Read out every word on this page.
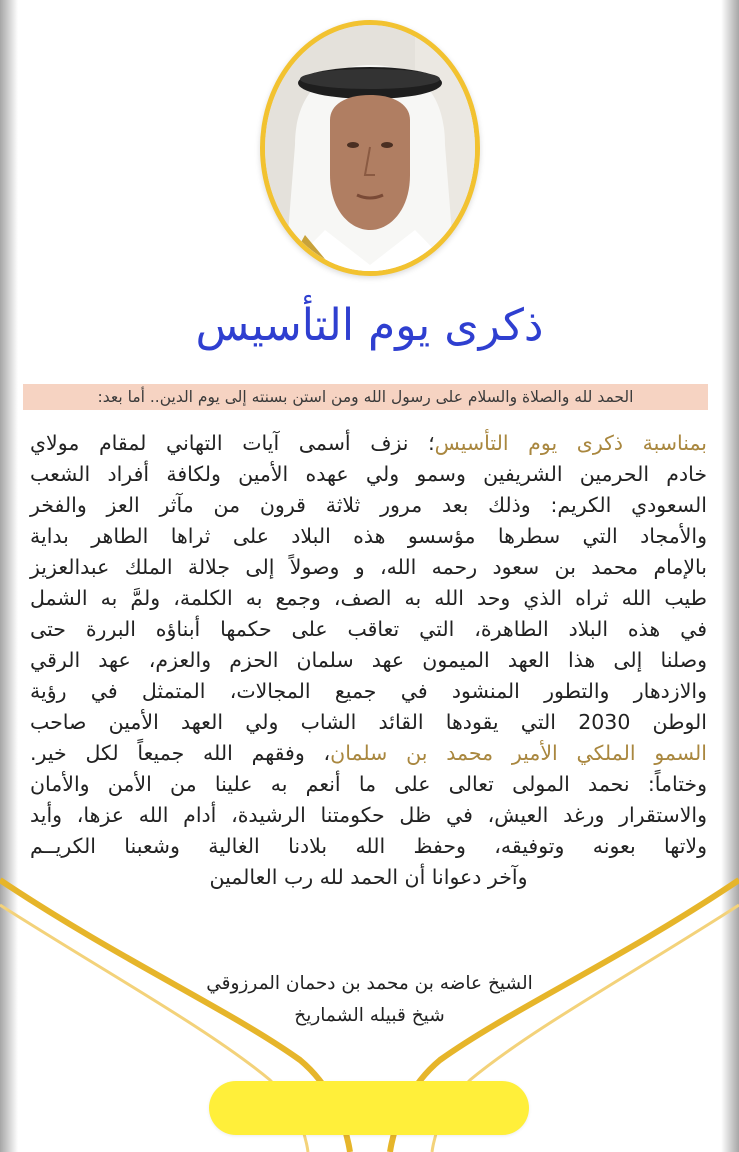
ذكرى يوم التأسيس
الحمد لله والصلاة والسلام على رسول الله ومن استن بسنته إلى يوم الدين.. أما بعد:
بمناسبة ذكرى يوم التأسيس؛ نزف أسمى آيات التهاني لمقام مولاي
خادم الحرمين الشريفين وسمو ولي عهده الأمين ولكافة أفراد الشعب
السعودي الكريم: وذلك بعد مرور ثلاثة قرون من مآثر العز والفخر
والأمجاد التي سطرها مؤسسو هذه البلاد على ثراها الطاهر بداية
بالإمام محمد بن سعود رحمه الله، و وصولاً إلى جلالة الملك عبدالعزيز
طيب الله ثراه الذي وحد الله به الصف، وجمع به الكلمة، ولمَّ به الشمل
في هذه البلاد الطاهرة، التي تعاقب على حكمها أبناؤه البررة حتى
وصلنا إلى هذا العهد الميمون عهد سلمان الحزم والعزم، عهد الرقي
والازدهار والتطور المنشود في جميع المجالات، المتمثل في رؤية
الوطن 2030 التي يقودها القائد الشاب ولي العهد الأمين صاحب
السمو الملكي الأمير محمد بن سلمان، وفقهم الله جميعاً لكل خير.
وختاماً: نحمد المولى تعالى على ما أنعم به علينا من الأمن والأمان
والاستقرار ورغد العيش، في ظل حكومتنا الرشيدة، أدام الله عزها، وأيد
ولاتها بعونه وتوفيقه، وحفظ الله بلادنا الغالية وشعبنا الكريــم
وآخر دعوانا أن الحمد لله رب العالمين
الشيخ عاضه بن محمد بن دحمان المرزوقي
شيخ قبيله الشماريخ
